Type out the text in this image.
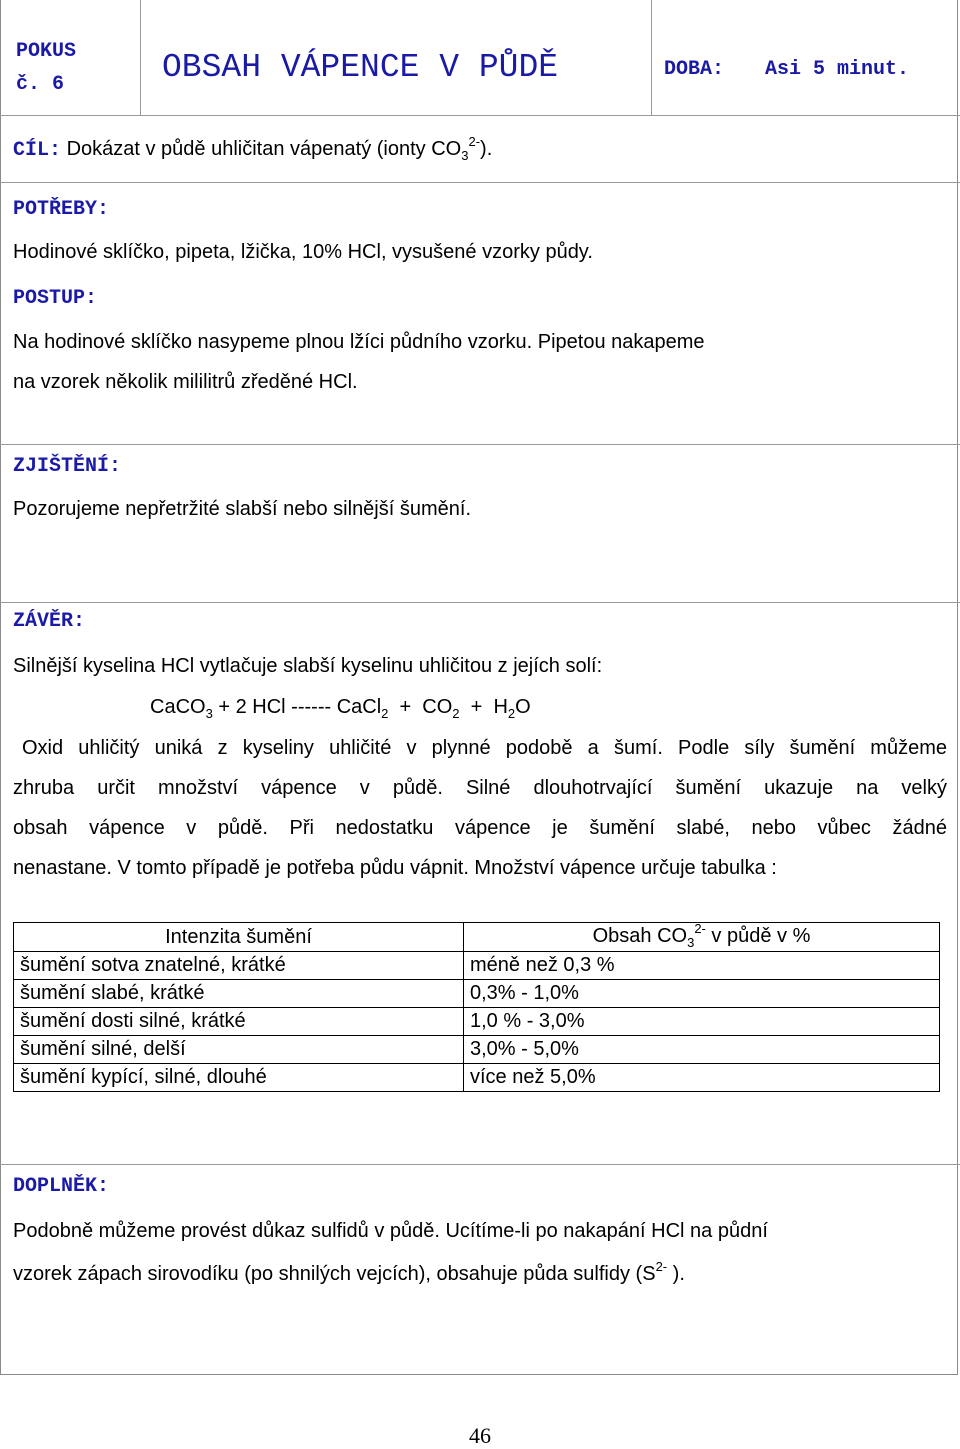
POKUS
č. 6	OBSAH VÁPENCE V PŮDĚ	DOBA: Asi 5 minut.
CÍL: Dokázat v půdě uhličitan vápenatý (ionty $CO_3^{2-}$).
POTŘEBY:
Hodinové sklíčko, pipeta, lžička, 10% HCl, vysušené vzorky půdy.
POSTUP:
Na hodinové sklíčko nasypeme plnou lžíci půdního vzorku. Pipetou nakapeme
na vzorek několik mililitrů zředěné HCl.
ZJIŠTĚNÍ:
Pozorujeme nepřetržité slabší nebo silnější šumění.
ZÁVĚR:
Silnější kyselina HCl vytlačuje slabší kyselinu uhličitou z jejích solí:
CaCO$_3$ + 2 HCl ------ CaCl$_2$  +  $CO_2 + H_2O$
Oxid uhličitý uniká z kyseliny uhličité v plynné podobě a šumí. Podle síly šumění můžeme
zhruba určit množství vápence v půdě. Silné dlouhotrvající šumění ukazuje na velký
obsah vápence v půdě. Při nedostatku vápence je šumění slabé, nebo vůbec žádné
nenastane. V tomto případě je potřeba půdu vápnit. Množství vápence určuje tabulka :
Intenzita šumění	Obsah $CO_3^{2-}$ v půdě v %
šumění sotva znatelné, krátké	méně než 0,3 %
šumění slabé, krátké	0,3% - 1,0%
šumění dosti silné, krátké	1,0 % - 3,0%
šumění silné, delší	3,0% - 5,0%
šumění kypící, silné, dlouhé	více než 5,0%
DOPLNĚK:
Podobně můžeme provést důkaz sulfidů v půdě. Ucítíme-li po nakapání HCl na půdní
vzorek zápach sirovodíku (po shnilých vejcích), obsahuje půda sulfidy ($S^{2-}$ ).
46
